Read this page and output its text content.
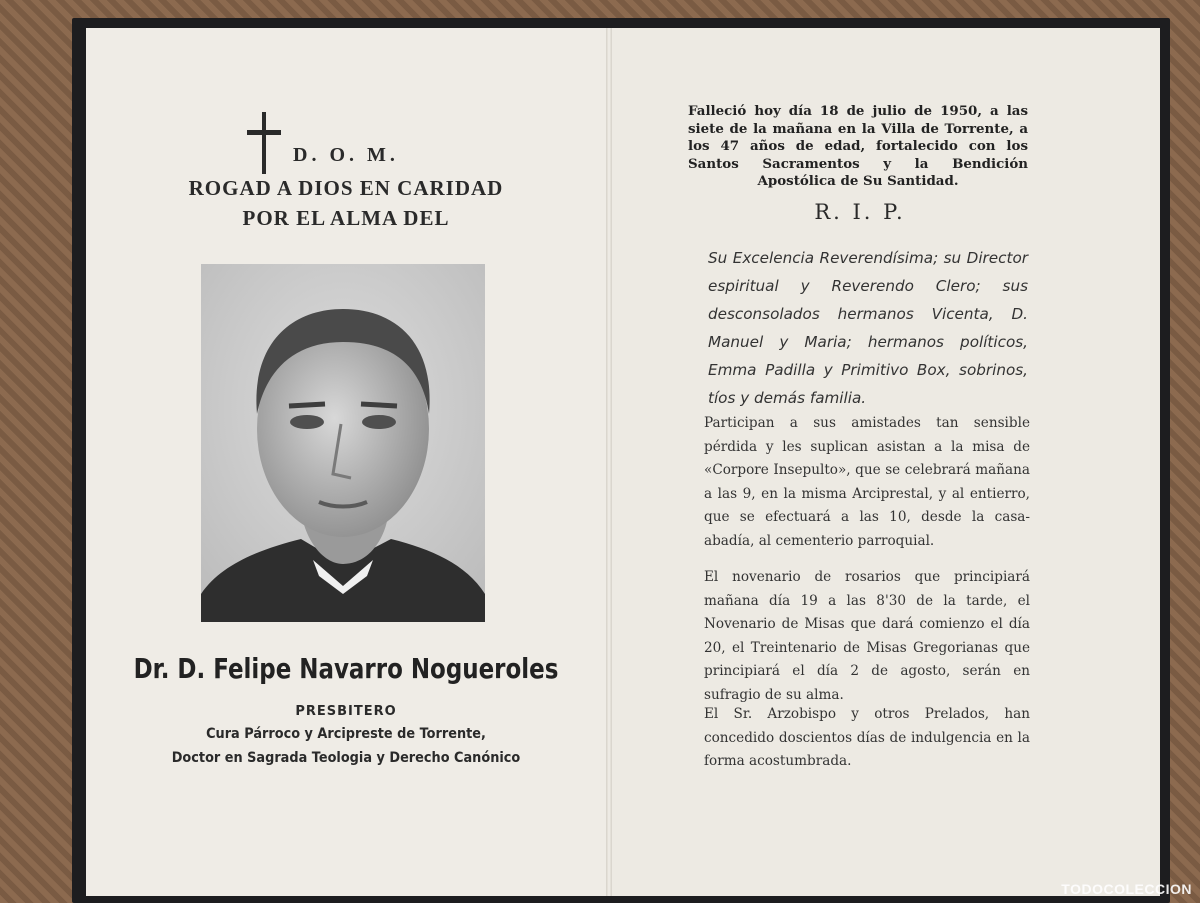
D. O. M.
ROGAD A DIOS EN CARIDAD
POR EL ALMA DEL
Dr. D. Felipe Navarro Nogueroles
PRESBITERO
Cura Párroco y Arcipreste de Torrente,
Doctor en Sagrada Teologia y Derecho Canónico
Falleció hoy día 18 de julio de 1950, a las siete de la mañana en la Villa de Torrente, a los 47 años de edad, fortalecido con los Santos Sacramentos y la Bendición Apostólica de Su Santidad.
R. I. P.

Su Excelencia Reverendísima; su Director espiritual y Reverendo Clero; sus desconsolados hermanos Vicenta, D. Manuel y Maria; hermanos políticos, Emma Padilla y Primitivo Box, sobrinos, tíos y demás familia.

Participan a sus amistades tan sensible pérdida y les suplican asistan a la misa de «Corpore Insepulto», que se celebrará mañana a las 9, en la misma Arciprestal, y al entierro, que se efectuará a las 10, desde la casa-abadía, al cementerio parroquial.
El novenario de rosarios que principiará mañana día 19 a las 8'30 de la tarde, el Novenario de Misas que dará comienzo el día 20, el Treintenario de Misas Gregorianas que principiará el día 2 de agosto, serán en sufragio de su alma.
El Sr. Arzobispo y otros Prelados, han concedido doscientos días de indulgencia en la forma acostumbrada.
TODOCOLECCION
